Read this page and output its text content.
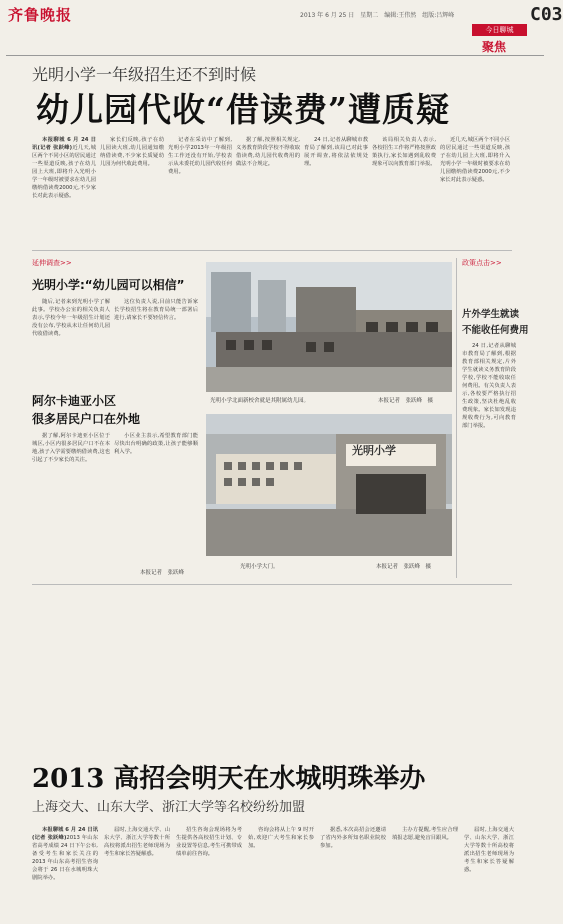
齐鲁晚报	2013 年 6 月 25 日　星期二　编辑:王伟然　组版:吕辉峰
今日聊城
C03
聚焦
光明小学一年级招生还不到时候
幼儿园代收“借读费”遭质疑

本报聊城 6 月 24 日讯(记者 张跃峰)近几天,城区两个不同小区的居民通过一些渠道反映,孩子在幼儿园上大班,即将升入光明小学一年级时被要求在幼儿园缴纳借读费2000元,不少家长对此表示疑惑。

家长们反映,孩子在幼儿园读大班,幼儿园通知缴纳借读费,不少家长质疑幼儿园为何代收此费用。

记者在采访中了解到,光明小学2013年一年级招生工作还没有开始,学校表示从未委托幼儿园代收任何费用。

据了解,按照相关规定,义务教育阶段学校不得收取借读费,幼儿园代收费用的做法不合规定。

24 日,记者从聊城市教育局了解到,该局已对此事展开调查,将依法依规处理。

该局相关负责人表示,各校招生工作将严格按照政策执行,家长如遇到乱收费现象可以向教育部门举报。

近几天,城区两个不同小区的居民通过一些渠道反映,孩子在幼儿园上大班,即将升入光明小学一年级时被要求在幼儿园缴纳借读费2000元,不少家长对此表示疑惑。

延伸调查>>
光明小学:“幼儿园可以相信”

随后,记者来到光明小学了解此事。学校办公室的相关负责人表示,学校今年一年级招生计划还没有公布,学校从未让任何幼儿园代收借读费。

这位负责人说,目前只能告诉家长学校招生将在教育局统一部署后进行,请家长不要轻信传言。

光明小学北面新校舍就是其附属幼儿园。	本报记者　张跃峰　摄
阿尔卡迪亚小区
很多居民户口在外地

据了解,阿尔卡迪亚小区位于城区,小区内很多居民户口不在本地,孩子入学需要缴纳借读费,这也引起了不少家长的关注。

小区业主表示,希望教育部门能尽快出台明确的政策,让孩子能够顺利入学。

本报记者　张跃峰
光明小学
光明小学大门。	本报记者　张跃峰　摄
政策点击>>
片外学生就读
不能收任何费用

24 日,记者从聊城市教育局了解到,根据教育部相关规定,片外学生就读义务教育阶段学校,学校不能收取任何费用。有关负责人表示,各校要严格执行招生政策,坚决杜绝乱收费现象。家长如发现违规收费行为,可向教育部门举报。

2013 高招会明天在水城明珠举办
上海交大、山东大学、浙江大学等名校纷纷加盟

本报聊城 6 月 24 日讯(记者 张跃峰)2013 年山东省高考成绩 24 日下午公布,备受考生和家长关注的 2013 年山东高考招生咨询会将于 26 日在水城明珠大剧院举办。

届时,上海交通大学、山东大学、浙江大学等数十所高校将派出招生老师现场为考生和家长答疑解惑。

招生咨询会现场将为考生提供各高校招生计划、专业设置等信息,考生可携带成绩单前往咨询。

咨询会将从上午 9 时开始,欢迎广大考生和家长参加。

据悉,本次高招会还邀请了省内外多所知名职业院校参加。

主办方提醒,考生应合理填报志愿,避免盲目跟风。

届时,上海交通大学、山东大学、浙江大学等数十所高校将派出招生老师现场为考生和家长答疑解惑。
